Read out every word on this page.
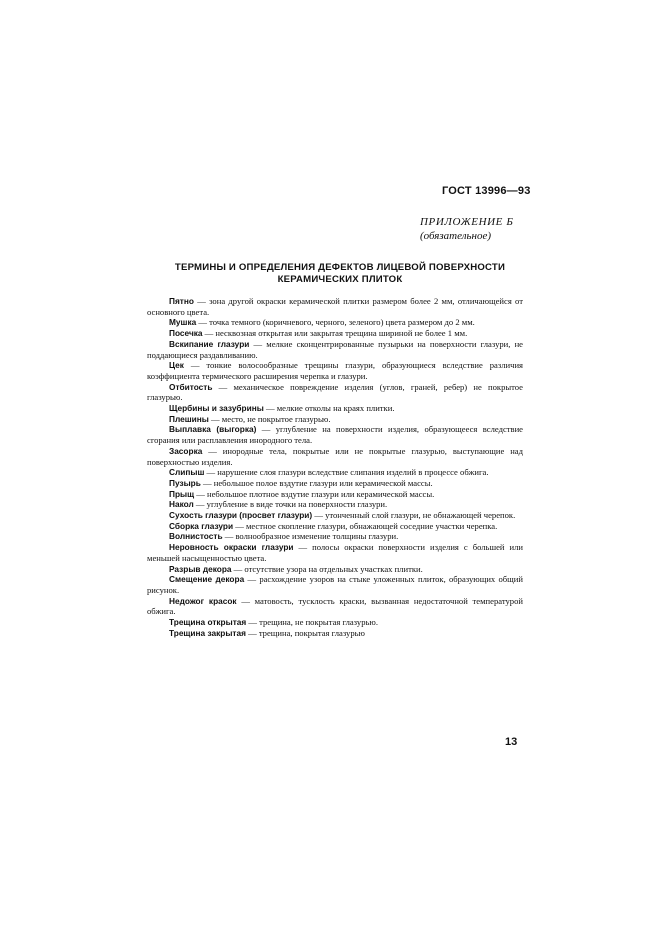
ГОСТ 13996—93
ПРИЛОЖЕНИЕ Б
(обязательное)
ТЕРМИНЫ И ОПРЕДЕЛЕНИЯ ДЕФЕКТОВ ЛИЦЕВОЙ ПОВЕРХНОСТИ КЕРАМИЧЕСКИХ ПЛИТОК

Пятно — зона другой окраски керамической плитки размером более 2 мм, отличающейся от основного цвета.

Мушка — точка темного (коричневого, черного, зеленого) цвета размером до 2 мм.

Посечка — несквозная открытая или закрытая трещина шириной не более 1 мм.

Вскипание глазури — мелкие сконцентрированные пузырьки на поверхности глазури, не поддающиеся раздавливанию.

Цек — тонкие волосообразные трещины глазури, образующиеся вследствие различия коэффициента термического расширения черепка и глазури.

Отбитость — механическое повреждение изделия (углов, граней, ребер) не покрытое глазурью.

Щербины и зазубрины — мелкие отколы на краях плитки.

Плешины — место, не покрытое глазурью.

Выплавка (выгорка) — углубление на поверхности изделия, образующееся вследствие сгорания или расплавления инородного тела.

Засорка — инородные тела, покрытые или не покрытые глазурью, выступающие над поверхностью изделия.

Слипыш — нарушение слоя глазури вследствие слипания изделий в процессе обжига.

Пузырь — небольшое полое вздутие глазури или керамической массы.

Прыщ — небольшое плотное вздутие глазури или керамической массы.

Накол — углубление в виде точки на поверхности глазури.

Сухость глазури (просвет глазури) — утонченный слой глазури, не обнажающей черепок.

Сборка глазури — местное скопление глазури, обнажающей соседние участки черепка.

Волнистость — волнообразное изменение толщины глазури.

Неровность окраски глазури — полосы окраски поверхности изделия с большей или меньшей насыщенностью цвета.

Разрыв декора — отсутствие узора на отдельных участках плитки.

Смещение декора — расхождение узоров на стыке уложенных плиток, образующих общий рисунок.

Недожог красок — матовость, тусклость краски, вызванная недостаточной температурой обжига.

Трещина открытая — трещина, не покрытая глазурью.

Трещина закрытая — трещина, покрытая глазурью

13
